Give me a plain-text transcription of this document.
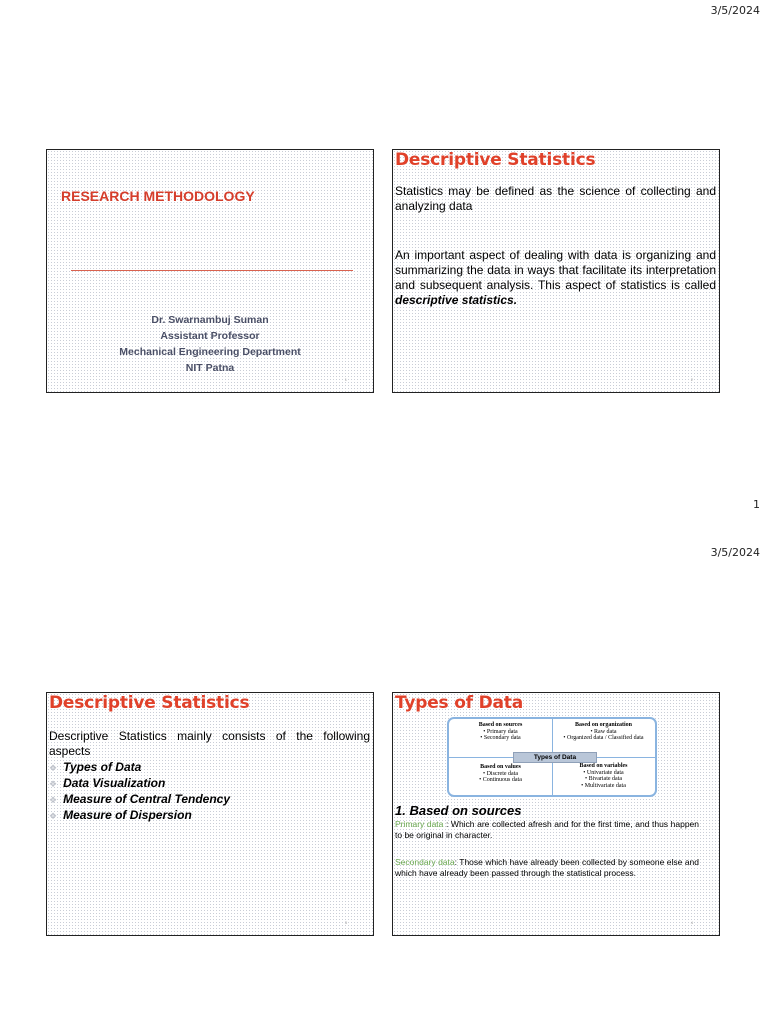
3/5/2024
RESEARCH METHODOLOGY
Dr. Swarnambuj Suman
Assistant Professor
Mechanical Engineering Department
NIT Patna
1
Descriptive Statistics
Statistics may be defined as the science of collecting and analyzing data
An important aspect of dealing with data is organizing and summarizing the data in ways that facilitate its interpretation and subsequent analysis. This aspect of statistics is called descriptive statistics.
2
1
3/5/2024
Descriptive Statistics
Descriptive Statistics mainly consists of the following aspects
❖ Types of Data
❖ Data Visualization
❖ Measure of Central Tendency
❖ Measure of Dispersion
3
Types of Data
Based on sources
• Primary data
• Secondary data
Based on organization
• Raw data
• Organized data / Classified data
Based on values
• Discrete data
• Continuous data
Based on variables
• Univariate data
• Bivariate data
• Multivariate data
Types of Data
1. Based on sources
Primary data : Which are collected afresh and for the first time, and thus happen to be original in character.
Secondary data: Those which have already been collected by someone else and which have already been passed through the statistical process.
4
